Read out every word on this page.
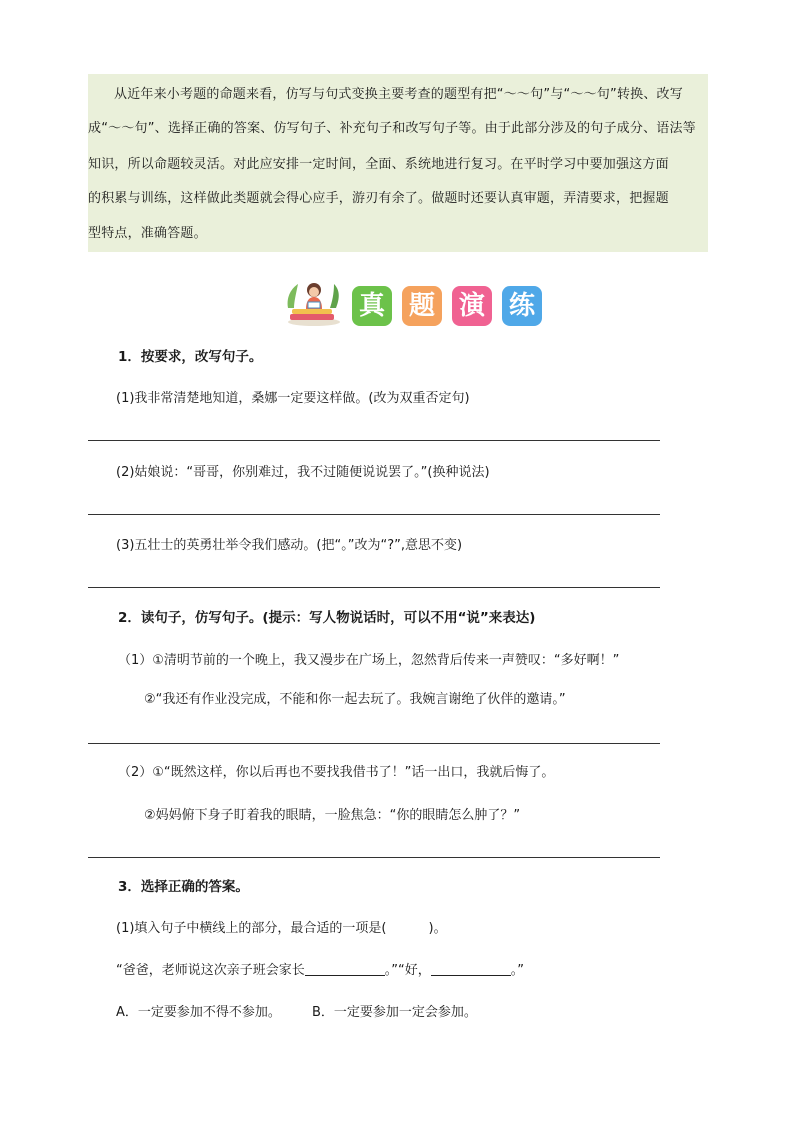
从近年来小考题的命题来看，仿写与句式变换主要考查的题型有把“～～句”与“～～句”转换、改写
成“～～句”、选择正确的答案、仿写句子、补充句子和改写句子等。由于此部分涉及的句子成分、语法等
知识，所以命题较灵活。对此应安排一定时间，全面、系统地进行复习。在平时学习中要加强这方面
的积累与训练，这样做此类题就会得心应手，游刃有余了。做题时还要认真审题，弄清要求，把握题
型特点，准确答题。
真 题 演 练
1．按要求，改写句子。
(1)我非常清楚地知道，桑娜一定要这样做。(改为双重否定句)
(2)姑娘说：“哥哥，你别难过，我不过随便说说罢了。”(换种说法)
(3)五壮士的英勇壮举令我们感动。(把“。”改为“?”,意思不变)
2．读句子，仿写句子。(提示：写人物说话时，可以不用“说”来表达)
（1）①清明节前的一个晚上，我又漫步在广场上，忽然背后传来一声赞叹：“多好啊！”
②“我还有作业没完成，不能和你一起去玩了。我婉言谢绝了伙伴的邀请。”
（2）①“既然这样，你以后再也不要找我借书了！”话一出口，我就后悔了。
②妈妈俯下身子盯着我的眼睛，一脸焦急：“你的眼睛怎么肿了？”
3．选择正确的答案。
(1)填入句子中横线上的部分，最合适的一项是(	)。
“爸爸，老师说这次亲子班会家长	。”“好，	。”
A．一定要参加不得不参加。 B．一定要参加一定会参加。
